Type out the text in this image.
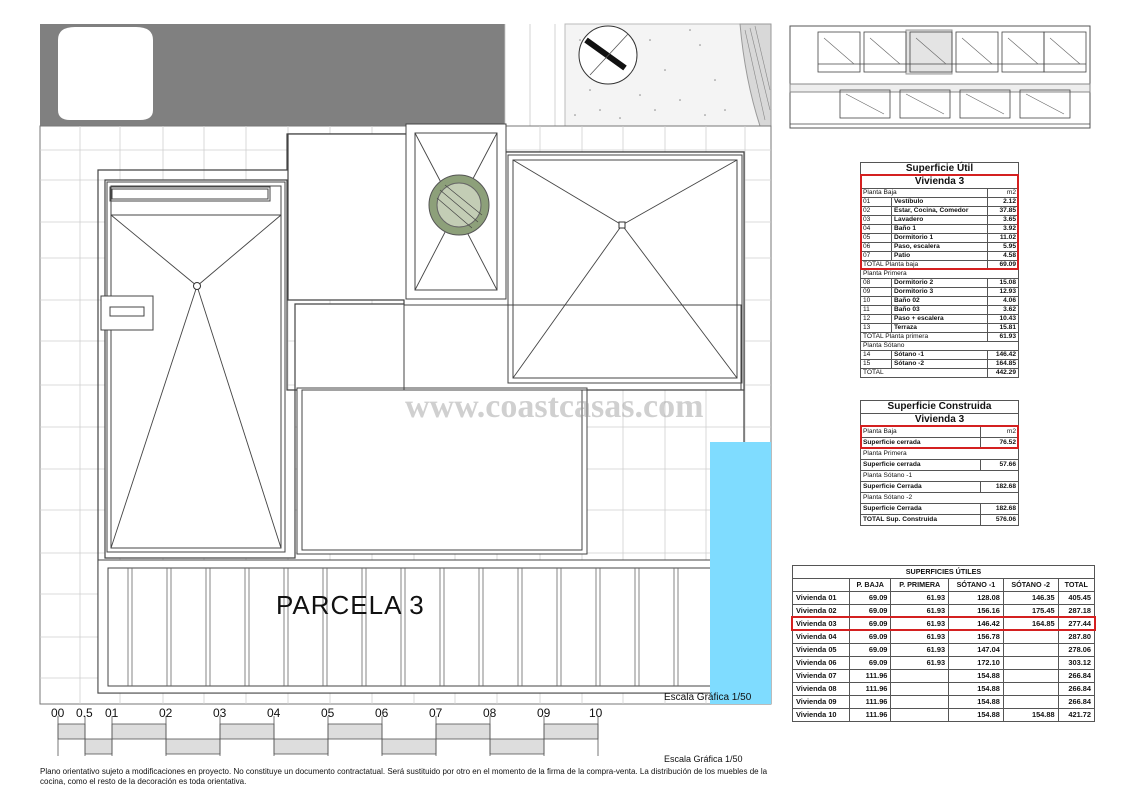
PARCELA 3
www.coastcasas.com
Escala Gráfica 1/50
Escala Gráfica 1/50
00 0.5 01	02	03	04	05	06	07	08	09	10
Plano orientativo sujeto a modificaciones en proyecto. No constituye un documento contractatual. Será sustituido por otro en el momento de la firma de la compra-venta. La distribución de los muebles de la cocina, como el resto de la decoración es toda orientativa.
Superficie Útil		
Vivienda 3		
Planta Baja		m2
01	Vestíbulo	2.12
02	Estar, Cocina, Comedor	37.85
03	Lavadero	3.65
04	Baño 1	3.92
05	Dormitorio 1	11.02
06	Paso, escalera	5.95
07	Patio	4.58
TOTAL Planta baja		69.09
Planta Primera		
08	Dormitorio 2	15.08
09	Dormitorio 3	12.93
10	Baño 02	4.06
11	Baño 03	3.62
12	Paso + escalera	10.43
13	Terraza	15.81
TOTAL Planta primera		61.93
Planta Sótano		
14	Sótano -1	146.42
15	Sótano -2	164.85
TOTAL		442.29
Superficie Construida	
Vivienda 3	
Planta Baja	m2
Superficie cerrada	76.52
Planta Primera	
Superficie cerrada	57.66
Planta Sótano -1	
Superficie Cerrada	182.68
Planta Sótano -2	
Superficie Cerrada	182.68
TOTAL Sup. Construida	576.06
SUPERFICIES ÚTILES					
	P. BAJA	P. PRIMERA	SÓTANO -1	SÓTANO -2	TOTAL
Vivienda 01	69.09	61.93	128.08	146.35	405.45
Vivienda 02	69.09	61.93	156.16	175.45	287.18
Vivienda 03	69.09	61.93	146.42	164.85	277.44
Vivienda 04	69.09	61.93	156.78		287.80
Vivienda 05	69.09	61.93	147.04		278.06
Vivienda 06	69.09	61.93	172.10		303.12
Vivienda 07	111.96		154.88		266.84
Vivienda 08	111.96		154.88		266.84
Vivienda 09	111.96		154.88		266.84
Vivienda 10	111.96		154.88	154.88	421.72
